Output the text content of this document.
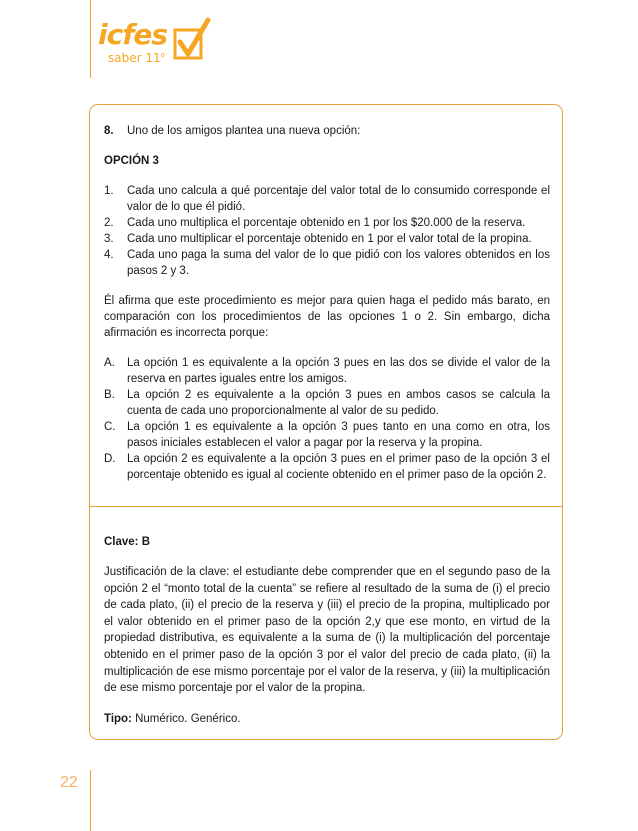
icfes
saber 11$^o$
8.	Uno de los amigos plantea una nueva opción:

OPCIÓN 3

1.	Cada uno calcula a qué porcentaje del valor total de lo consumido corresponde el valor de lo que él pidió.
2.	Cada uno multiplica el porcentaje obtenido en 1 por los $20.000 de la reserva.
3.	Cada uno multiplicar el porcentaje obtenido en 1 por el valor total de la propina.
4.	Cada uno paga la suma del valor de lo que pidió con los valores obtenidos en los pasos 2 y 3.

Él afirma que este procedimiento es mejor para quien haga el pedido más barato, en comparación con los procedimientos de las opciones 1 o 2. Sin embargo, dicha afirmación es incorrecta porque:

A.	La opción 1 es equivalente a la opción 3 pues en las dos se divide el valor de la reserva en partes iguales entre los amigos.
B.	La opción 2 es equivalente a la opción 3 pues en ambos casos se calcula la cuenta de cada uno proporcionalmente al valor de su pedido.
C.	La opción 1 es equivalente a la opción 3 pues tanto en una como en otra, los pasos iniciales establecen el valor a pagar por la reserva y la propina.
D.	La opción 2 es equivalente a la opción 3 pues en el primer paso de la opción 3 el porcentaje obtenido es igual al cociente obtenido en el primer paso de la opción 2.

Clave: B

Justificación de la clave: el estudiante debe comprender que en el segundo paso de la opción 2 el “monto total de la cuenta” se refiere al resultado de la suma de (i) el precio de cada plato, (ii) el precio de la reserva y (iii) el precio de la propina, multiplicado por el valor obtenido en el primer paso de la opción 2,y que ese monto, en virtud de la propiedad distributiva, es equivalente a la suma de (i) la multiplicación del porcentaje obtenido en el primer paso de la opción 3 por el valor del precio de cada plato, (ii) la multiplicación de ese mismo porcentaje por el valor de la reserva, y (iii) la multiplicación de ese mismo porcentaje por el valor de la propina.

Tipo: Numérico. Genérico.

22
